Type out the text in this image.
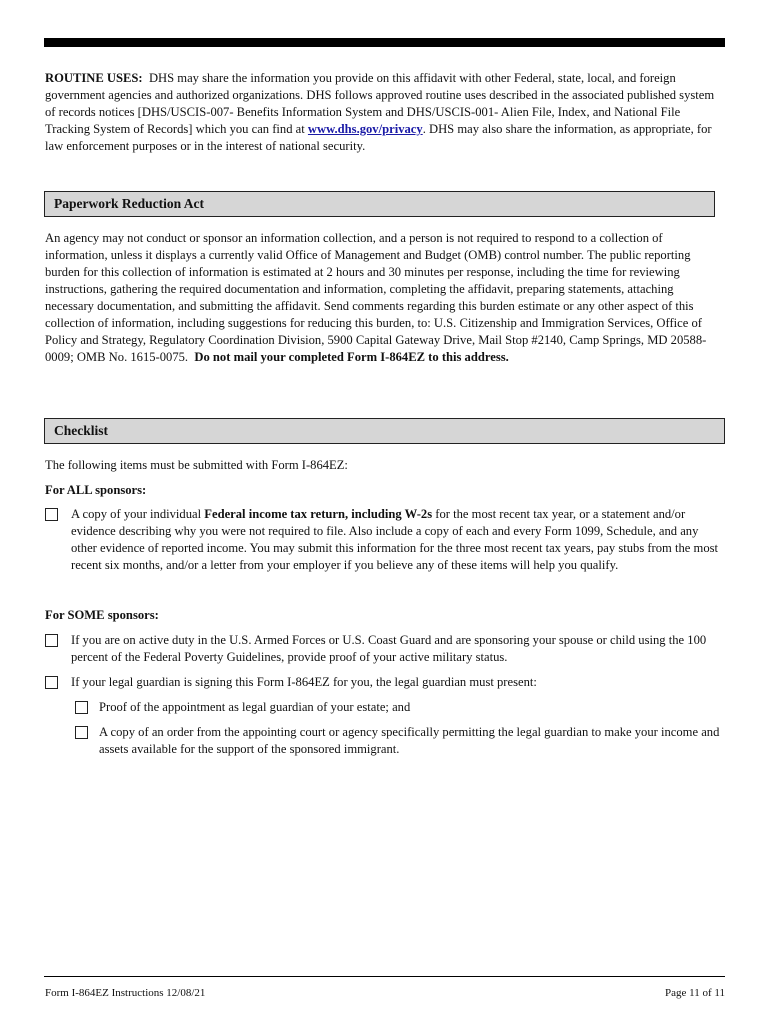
ROUTINE USES: DHS may share the information you provide on this affidavit with other Federal, state, local, and foreign government agencies and authorized organizations. DHS follows approved routine uses described in the associated published system of records notices [DHS/USCIS-007- Benefits Information System and DHS/USCIS-001- Alien File, Index, and National File Tracking System of Records] which you can find at www.dhs.gov/privacy. DHS may also share the information, as appropriate, for law enforcement purposes or in the interest of national security.

Paperwork Reduction Act

An agency may not conduct or sponsor an information collection, and a person is not required to respond to a collection of information, unless it displays a currently valid Office of Management and Budget (OMB) control number. The public reporting burden for this collection of information is estimated at 2 hours and 30 minutes per response, including the time for reviewing instructions, gathering the required documentation and information, completing the affidavit, preparing statements, attaching necessary documentation, and submitting the affidavit. Send comments regarding this burden estimate or any other aspect of this collection of information, including suggestions for reducing this burden, to: U.S. Citizenship and Immigration Services, Office of Policy and Strategy, Regulatory Coordination Division, 5900 Capital Gateway Drive, Mail Stop #2140, Camp Springs, MD 20588-0009; OMB No. 1615-0075. Do not mail your completed Form I-864EZ to this address.

Checklist
The following items must be submitted with Form I-864EZ:
For ALL sponsors:
A copy of your individual Federal income tax return, including W-2s for the most recent tax year, or a statement and/or evidence describing why you were not required to file. Also include a copy of each and every Form 1099, Schedule, and any other evidence of reported income. You may submit this information for the three most recent tax years, pay stubs from the most recent six months, and/or a letter from your employer if you believe any of these items will help you qualify.
For SOME sponsors:
If you are on active duty in the U.S. Armed Forces or U.S. Coast Guard and are sponsoring your spouse or child using the 100 percent of the Federal Poverty Guidelines, provide proof of your active military status.
If your legal guardian is signing this Form I-864EZ for you, the legal guardian must present:
Proof of the appointment as legal guardian of your estate; and
A copy of an order from the appointing court or agency specifically permitting the legal guardian to make your income and assets available for the support of the sponsored immigrant.
Form I-864EZ Instructions 12/08/21	Page 11 of 11
